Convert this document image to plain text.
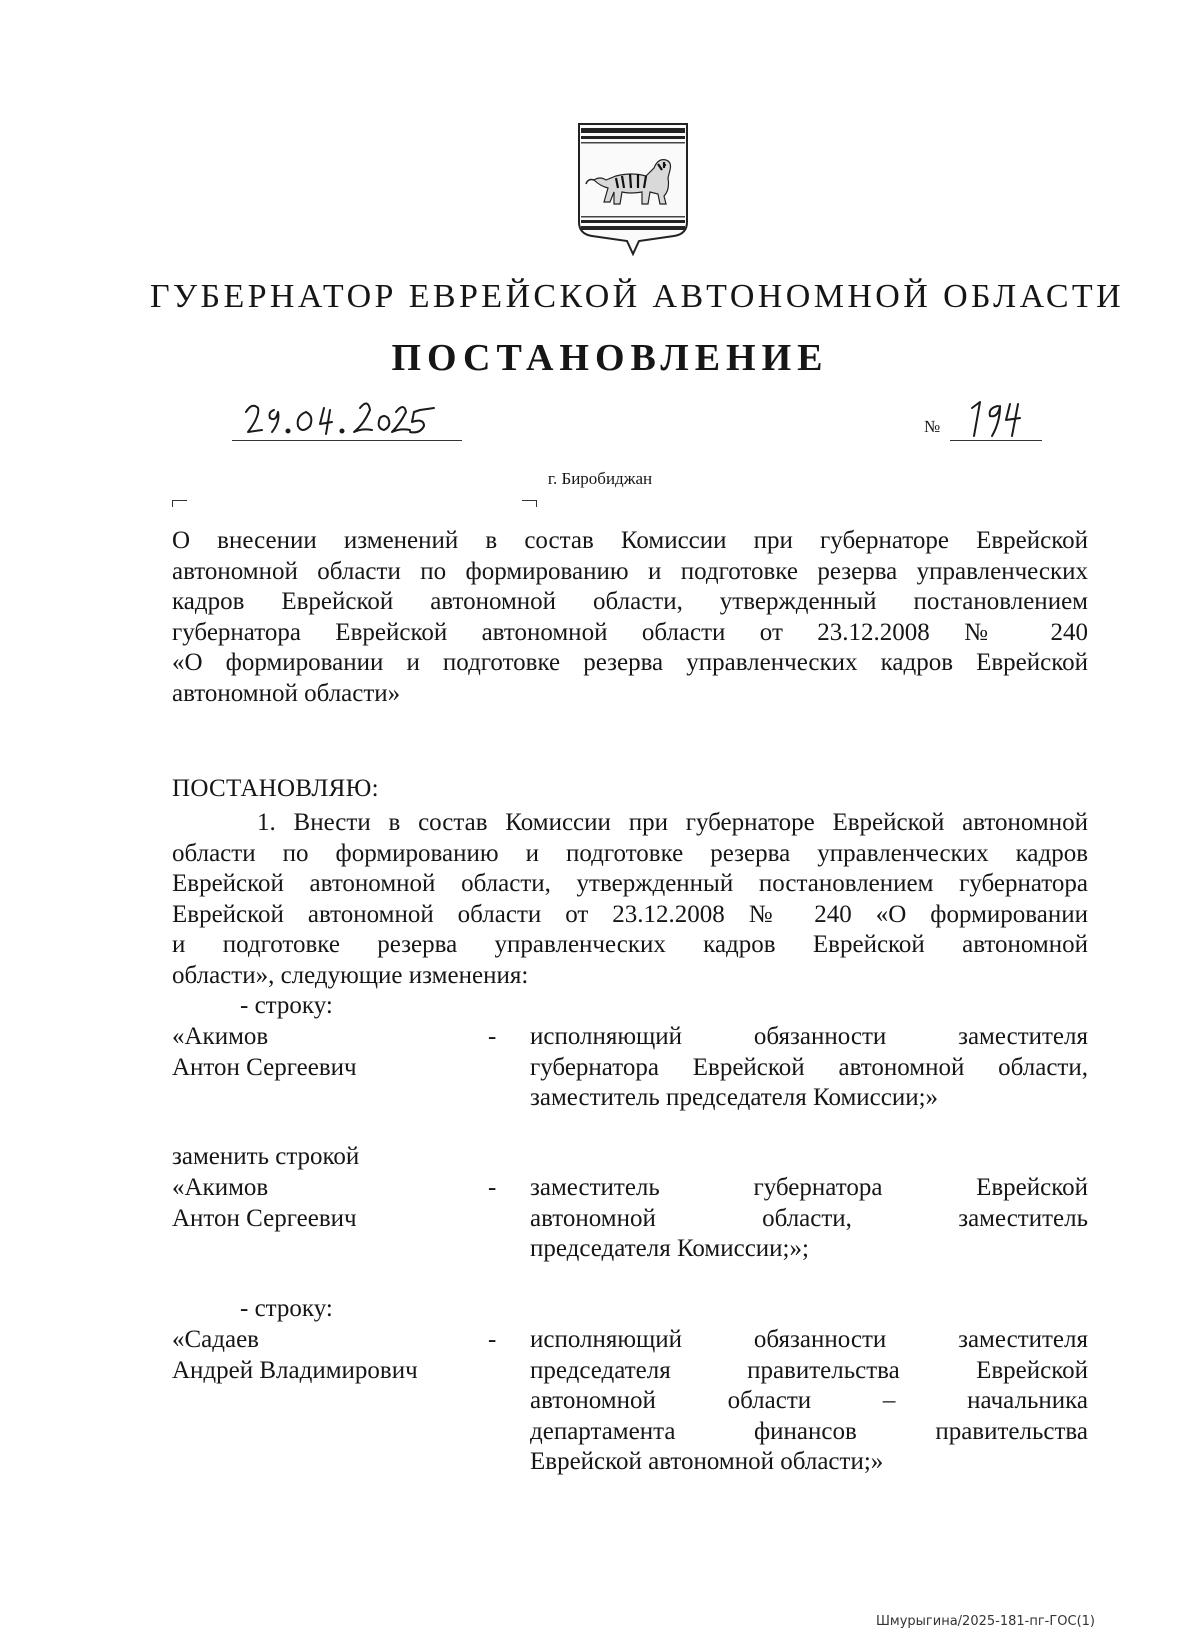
ГУБЕРНАТОР ЕВРЕЙСКОЙ АВТОНОМНОЙ ОБЛАСТИ
ПОСТАНОВЛЕНИЕ
№
г. Биробиджан
О внесении изменений в состав Комиссии при губернаторе Еврейской
автономной области по формированию и подготовке резерва управленческих
кадров Еврейской автономной области, утвержденный постановлением
губернатора Еврейской автономной области от 23.12.2008 № 240
«О формировании и подготовке резерва управленческих кадров Еврейской
автономной области»
ПОСТАНОВЛЯЮ:
1. Внести в состав Комиссии при губернаторе Еврейской автономной
области по формированию и подготовке резерва управленческих кадров
Еврейской автономной области, утвержденный постановлением губернатора
Еврейской автономной области от 23.12.2008 № 240 «О формировании
и подготовке резерва управленческих кадров Еврейской автономной
области», следующие изменения:
- строку:
«Акимов
Антон Сергеевич
- исполняющий обязанности заместителя
губернатора Еврейской автономной области,
заместитель председателя Комиссии;»
заменить строкой
«Акимов
Антон Сергеевич
- заместитель губернатора Еврейской
автономной области, заместитель
председателя Комиссии;»;
- строку:
«Садаев
Андрей Владимирович
- исполняющий обязанности заместителя
председателя правительства Еврейской
автономной области – начальника
департамента финансов правительства
Еврейской автономной области;»
Шмурыгина/2025-181-пг-ГОС(1)
